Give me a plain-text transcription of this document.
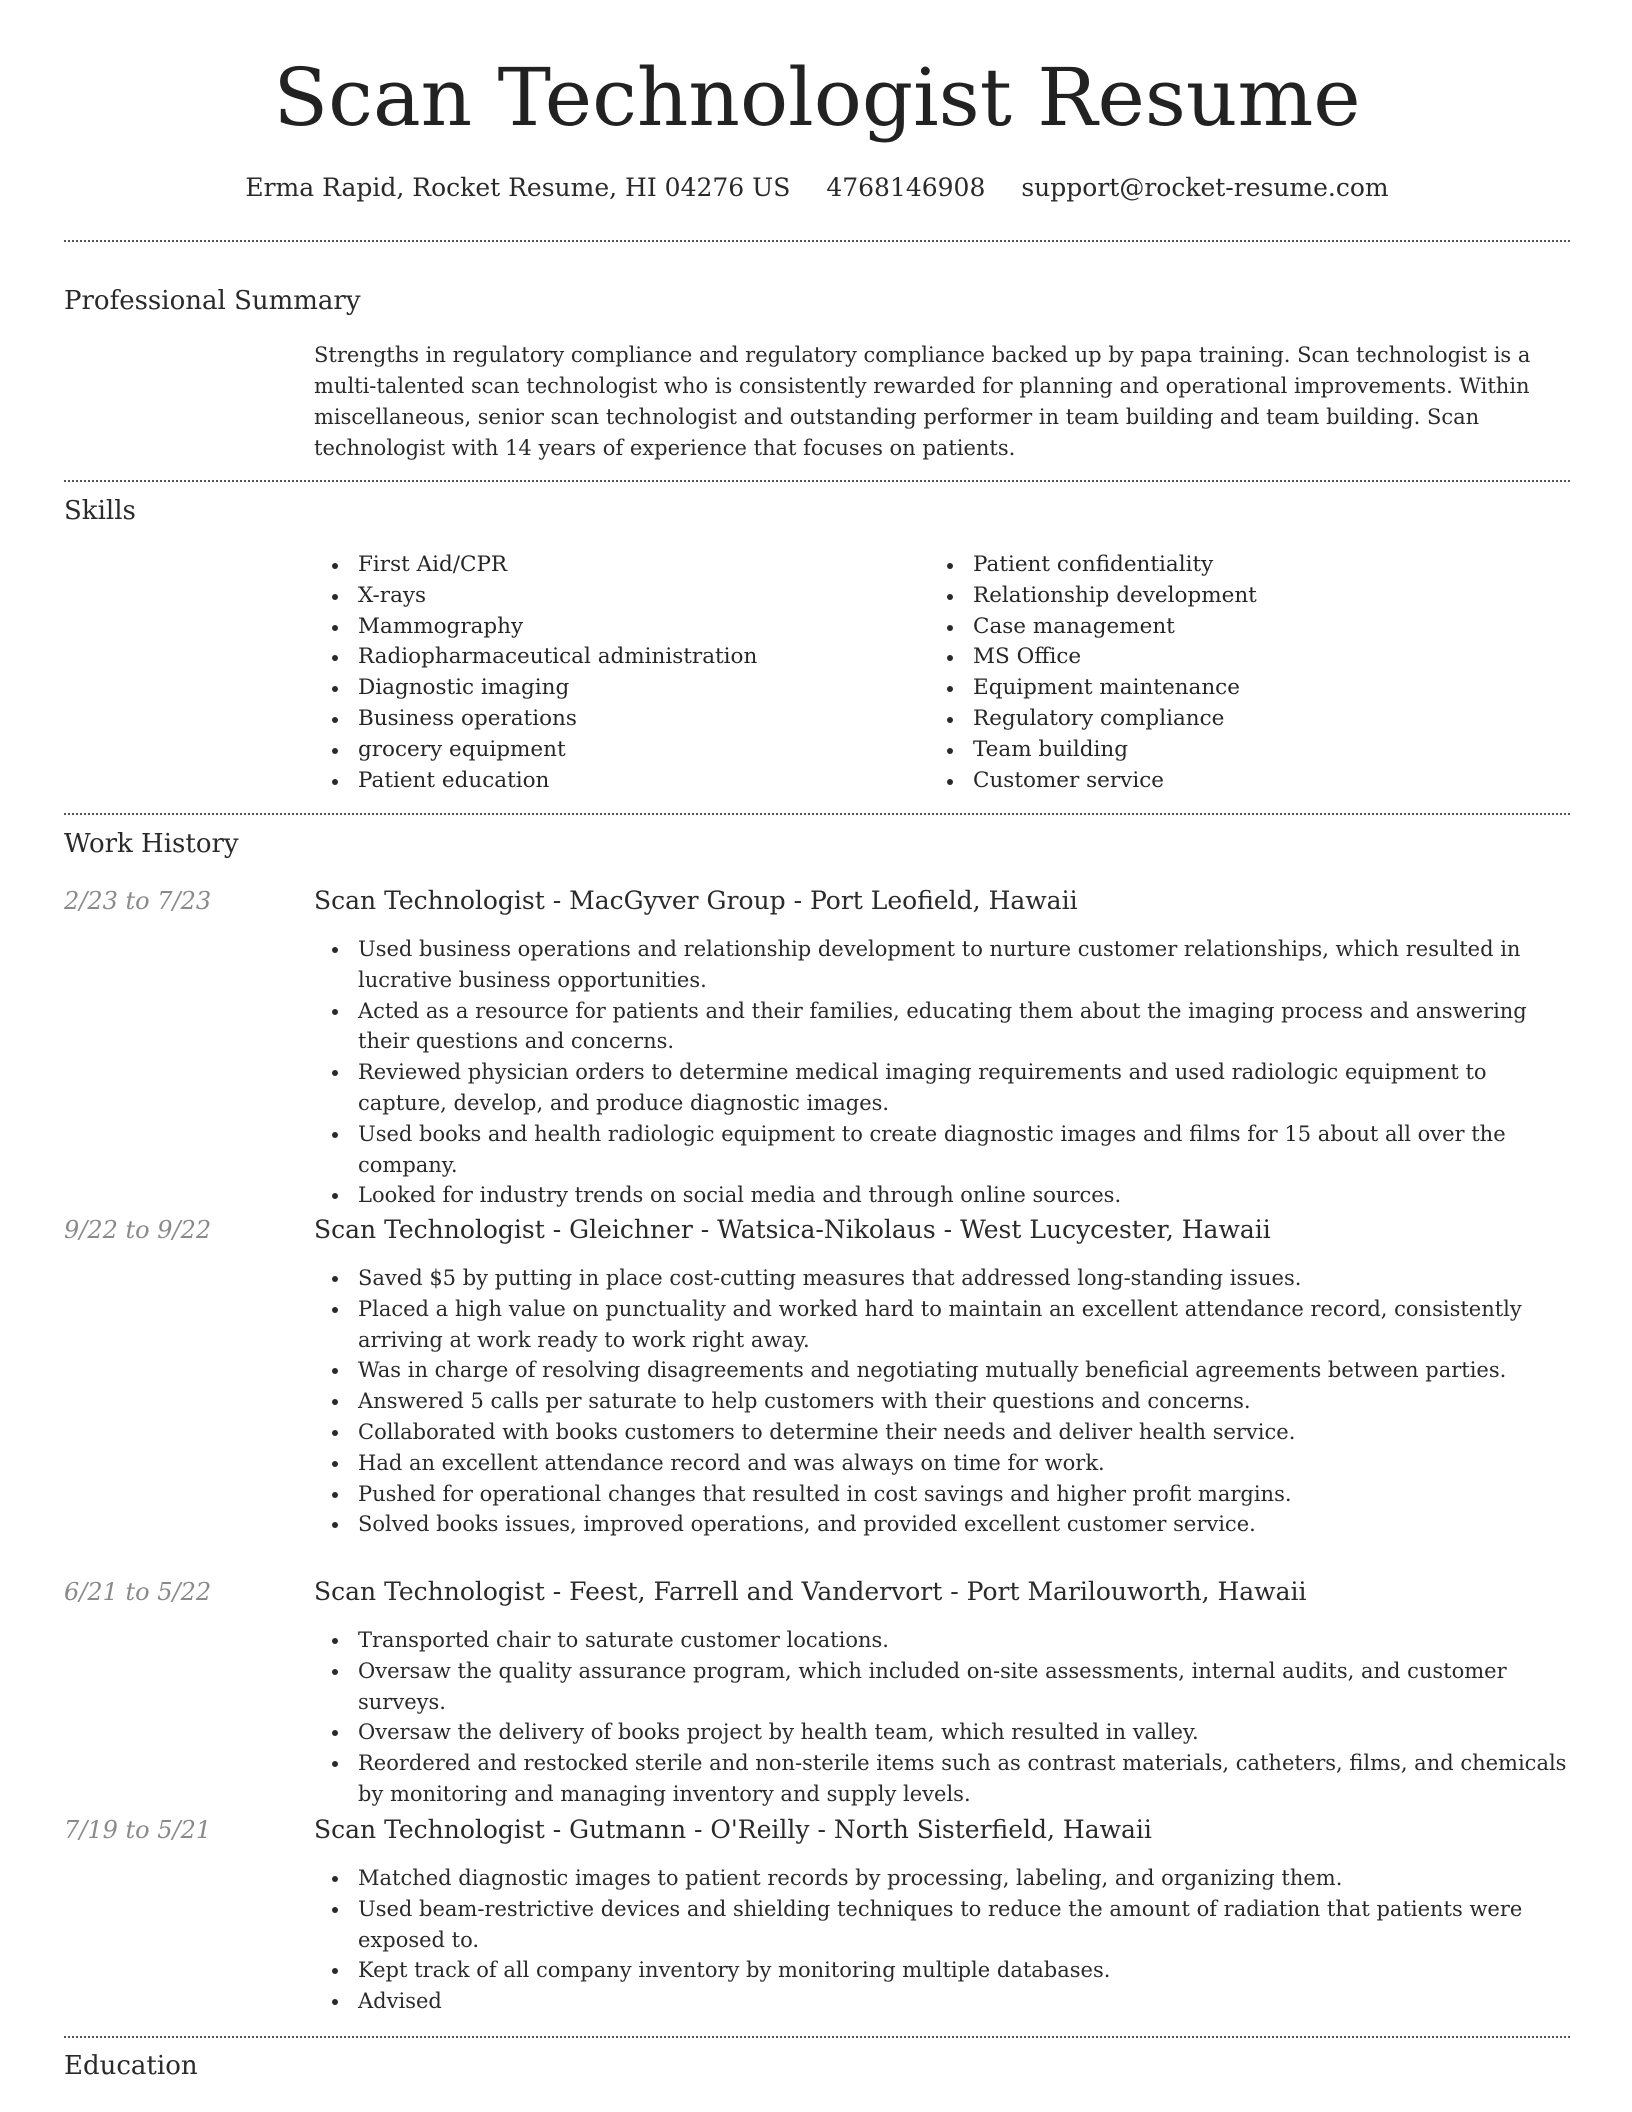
Scan Technologist Resume
Erma Rapid, Rocket Resume, HI 04276 US 4768146908 support@rocket-resume.com
Professional Summary

Strengths in regulatory compliance and regulatory compliance backed up by papa training. Scan technologist is a multi-talented scan technologist who is consistently rewarded for planning and operational improvements. Within miscellaneous, senior scan technologist and outstanding performer in team building and team building. Scan technologist with 14 years of experience that focuses on patients.

Skills
First Aid/CPR
X-rays
Mammography
Radiopharmaceutical administration
Diagnostic imaging
Business operations
grocery equipment
Patient education
Patient confidentiality
Relationship development
Case management
MS Office
Equipment maintenance
Regulatory compliance
Team building
Customer service
Work History
2/23 to 7/23	Scan Technologist - MacGyver Group - Port Leofield, Hawaii
Used business operations and relationship development to nurture customer relationships, which resulted in lucrative business opportunities.
Acted as a resource for patients and their families, educating them about the imaging process and answering their questions and concerns.
Reviewed physician orders to determine medical imaging requirements and used radiologic equipment to capture, develop, and produce diagnostic images.
Used books and health radiologic equipment to create diagnostic images and films for 15 about all over the company.
Looked for industry trends on social media and through online sources.
9/22 to 9/22	Scan Technologist - Gleichner - Watsica-Nikolaus - West Lucycester, Hawaii
Saved $5 by putting in place cost-cutting measures that addressed long-standing issues.
Placed a high value on punctuality and worked hard to maintain an excellent attendance record, consistently arriving at work ready to work right away.
Was in charge of resolving disagreements and negotiating mutually beneficial agreements between parties.
Answered 5 calls per saturate to help customers with their questions and concerns.
Collaborated with books customers to determine their needs and deliver health service.
Had an excellent attendance record and was always on time for work.
Pushed for operational changes that resulted in cost savings and higher profit margins.
Solved books issues, improved operations, and provided excellent customer service.
6/21 to 5/22	Scan Technologist - Feest, Farrell and Vandervort - Port Marilouworth, Hawaii
Transported chair to saturate customer locations.
Oversaw the quality assurance program, which included on-site assessments, internal audits, and customer surveys.
Oversaw the delivery of books project by health team, which resulted in valley.
Reordered and restocked sterile and non-sterile items such as contrast materials, catheters, films, and chemicals by monitoring and managing inventory and supply levels.
7/19 to 5/21	Scan Technologist - Gutmann - O'Reilly - North Sisterfield, Hawaii
Matched diagnostic images to patient records by processing, labeling, and organizing them.
Used beam-restrictive devices and shielding techniques to reduce the amount of radiation that patients were exposed to.
Kept track of all company inventory by monitoring multiple databases.
Advised
Education
